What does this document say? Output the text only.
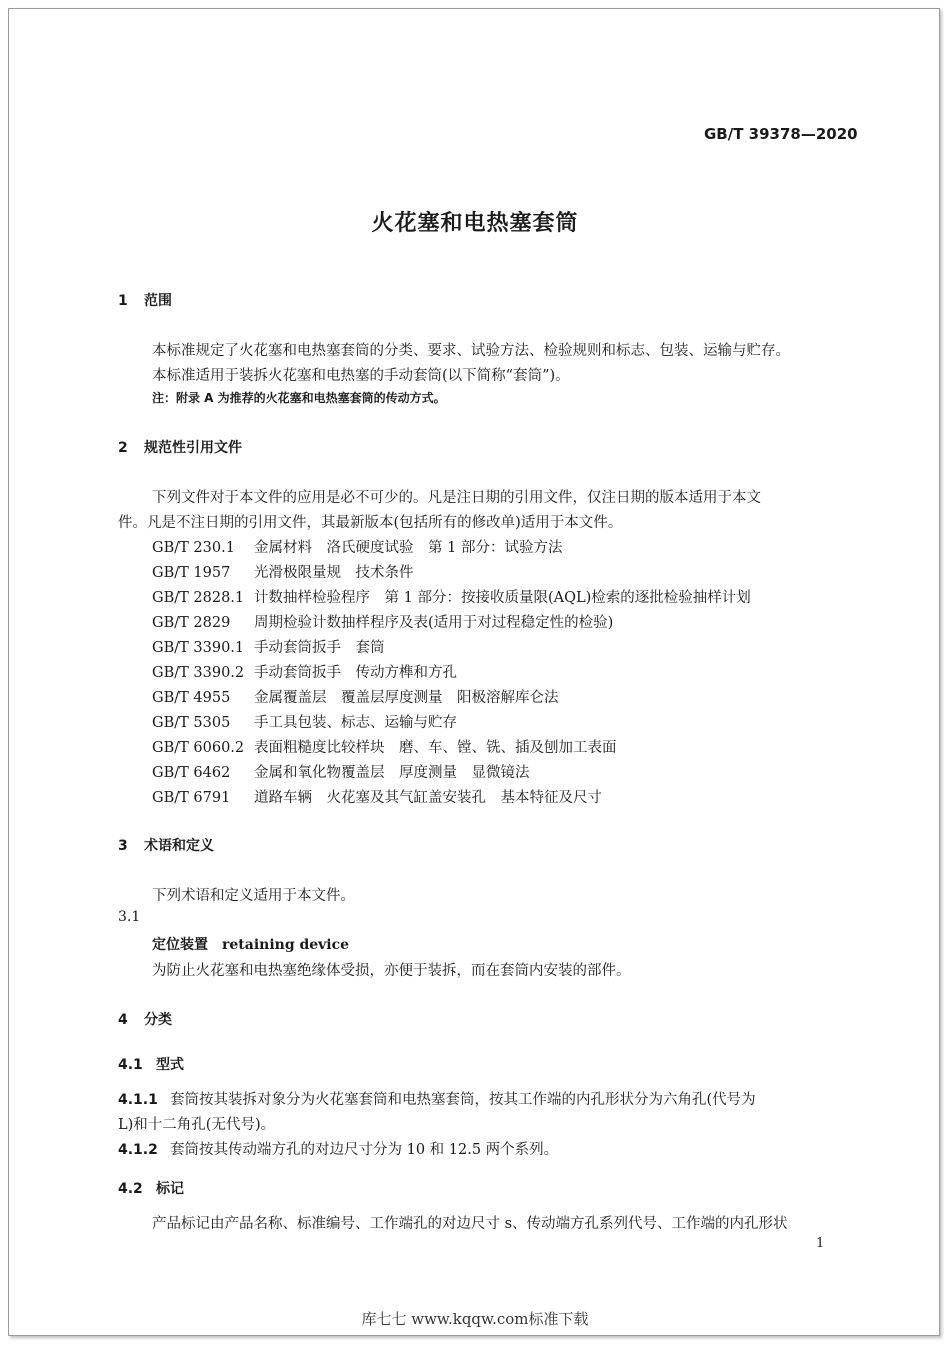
GB/T 39378—2020
火花塞和电热塞套筒
1 范围
本标准规定了火花塞和电热塞套筒的分类、要求、试验方法、检验规则和标志、包装、运输与贮存。
本标准适用于装拆火花塞和电热塞的手动套筒(以下简称“套筒”)。
注：附录 A 为推荐的火花塞和电热塞套筒的传动方式。
2 规范性引用文件
下列文件对于本文件的应用是必不可少的。凡是注日期的引用文件，仅注日期的版本适用于本文
件。凡是不注日期的引用文件，其最新版本(包括所有的修改单)适用于本文件。
GB/T 230.1 金属材料　洛氏硬度试验　第 1 部分：试验方法
GB/T 1957 光滑极限量规　技术条件
GB/T 2828.1 计数抽样检验程序　第 1 部分：按接收质量限(AQL)检索的逐批检验抽样计划
GB/T 2829 周期检验计数抽样程序及表(适用于对过程稳定性的检验)
GB/T 3390.1 手动套筒扳手　套筒
GB/T 3390.2 手动套筒扳手　传动方榫和方孔
GB/T 4955 金属覆盖层　覆盖层厚度测量　阳极溶解库仑法
GB/T 5305 手工具包装、标志、运输与贮存
GB/T 6060.2 表面粗糙度比较样块　磨、车、镗、铣、插及刨加工表面
GB/T 6462 金属和氧化物覆盖层　厚度测量　显微镜法
GB/T 6791 道路车辆　火花塞及其气缸盖安装孔　基本特征及尺寸
3 术语和定义
下列术语和定义适用于本文件。
3.1
定位装置　retaining device
为防止火花塞和电热塞绝缘体受损，亦便于装拆，而在套筒内安装的部件。
4 分类
4.1 型式
4.1.1 套筒按其装拆对象分为火花塞套筒和电热塞套筒，按其工作端的内孔形状分为六角孔(代号为
L)和十二角孔(无代号)。
4.1.2 套筒按其传动端方孔的对边尺寸分为 10 和 12.5 两个系列。
4.2 标记
产品标记由产品名称、标准编号、工作端孔的对边尺寸 s、传动端方孔系列代号、工作端的内孔形状
1
库七七 www.kqqw.com标准下载
